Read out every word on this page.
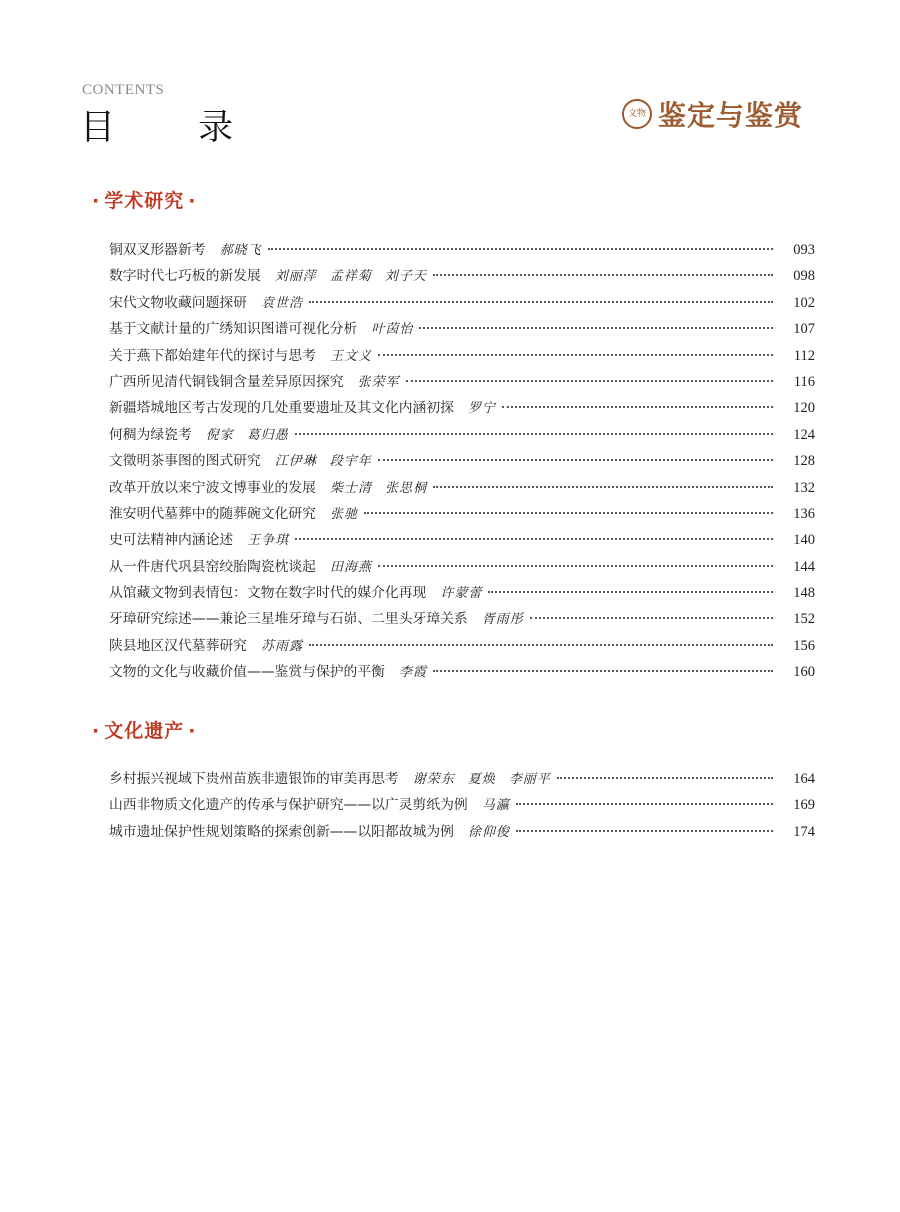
CONTENTS
目 录	文物 鉴定与鉴赏
· 学术研究 ·
铜双叉形器新考 郝晓飞	093
数字时代七巧板的新发展 刘丽萍 孟祥菊 刘子天	098
宋代文物收藏问题探研 袁世浩	102
基于文献计量的广绣知识图谱可视化分析 叶茵怡	107
关于燕下都始建年代的探讨与思考 王文义	112
广西所见清代铜钱铜含量差异原因探究 张荣军	116
新疆塔城地区考古发现的几处重要遗址及其文化内涵初探 罗宁	120
何稠为绿瓷考 倪家 葛归愚	124
文徵明茶事图的图式研究 江伊琳 段宇年	128
改革开放以来宁波文博事业的发展 柴士清 张思桐	132
淮安明代墓葬中的随葬碗文化研究 张驰	136
史可法精神内涵论述 王争琪	140
从一件唐代巩县窑绞胎陶瓷枕谈起 田海燕	144
从馆藏文物到表情包：文物在数字时代的媒介化再现 许蒙蕾	148
牙璋研究综述——兼论三星堆牙璋与石峁、二里头牙璋关系 胥雨彤	152
陕县地区汉代墓葬研究 苏雨露	156
文物的文化与收藏价值——鉴赏与保护的平衡 李霞	160
· 文化遗产 ·
乡村振兴视域下贵州苗族非遗银饰的审美再思考 谢荣东 夏焕 李丽平	164
山西非物质文化遗产的传承与保护研究——以广灵剪纸为例 马瀛	169
城市遗址保护性规划策略的探索创新——以阳都故城为例 徐仰俊	174
